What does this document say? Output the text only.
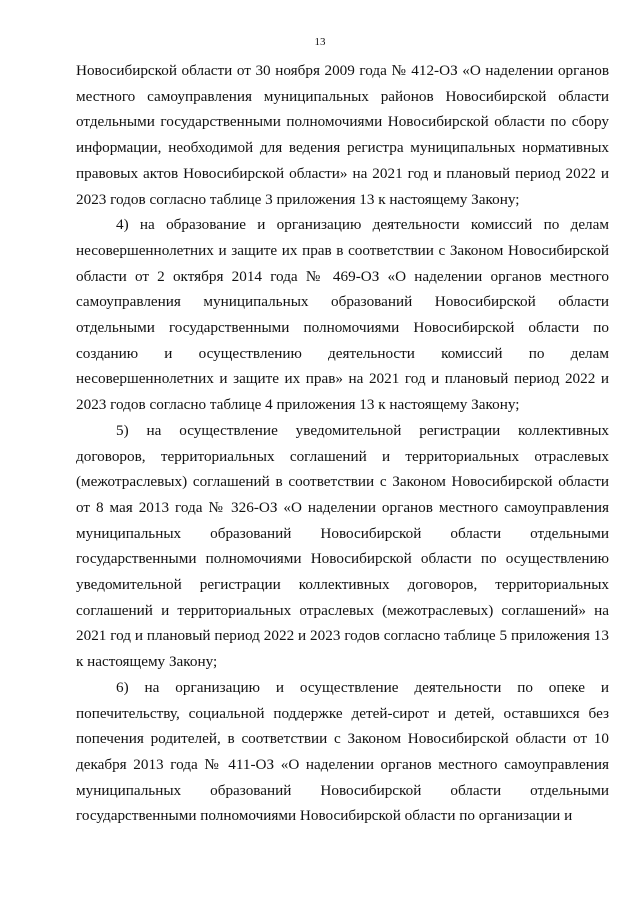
13

Новосибирской области от 30 ноября 2009 года № 412-ОЗ «О наделении органов местного самоуправления муниципальных районов Новосибирской области отдельными государственными полномочиями Новосибирской области по сбору информации, необходимой для ведения регистра муниципальных нормативных правовых актов Новосибирской области» на 2021 год и плановый период 2022 и 2023 годов согласно таблице 3 приложения 13 к настоящему Закону;

4) на образование и организацию деятельности комиссий по делам несовершеннолетних и защите их прав в соответствии с Законом Новосибирской области от 2 октября 2014 года № 469-ОЗ «О наделении органов местного самоуправления муниципальных образований Новосибирской области отдельными государственными полномочиями Новосибирской области по созданию и осуществлению деятельности комиссий по делам несовершеннолетних и защите их прав» на 2021 год и плановый период 2022 и 2023 годов согласно таблице 4 приложения 13 к настоящему Закону;

5) на осуществление уведомительной регистрации коллективных договоров, территориальных соглашений и территориальных отраслевых (межотраслевых) соглашений в соответствии с Законом Новосибирской области от 8 мая 2013 года № 326-ОЗ «О наделении органов местного самоуправления муниципальных образований Новосибирской области отдельными государственными полномочиями Новосибирской области по осуществлению уведомительной регистрации коллективных договоров, территориальных соглашений и территориальных отраслевых (межотраслевых) соглашений» на 2021 год и плановый период 2022 и 2023 годов согласно таблице 5 приложения 13 к настоящему Закону;

6) на организацию и осуществление деятельности по опеке и попечительству, социальной поддержке детей-сирот и детей, оставшихся без попечения родителей, в соответствии с Законом Новосибирской области от 10 декабря 2013 года № 411-ОЗ «О наделении органов местного самоуправления муниципальных образований Новосибирской области отдельными государственными полномочиями Новосибирской области по организации и
